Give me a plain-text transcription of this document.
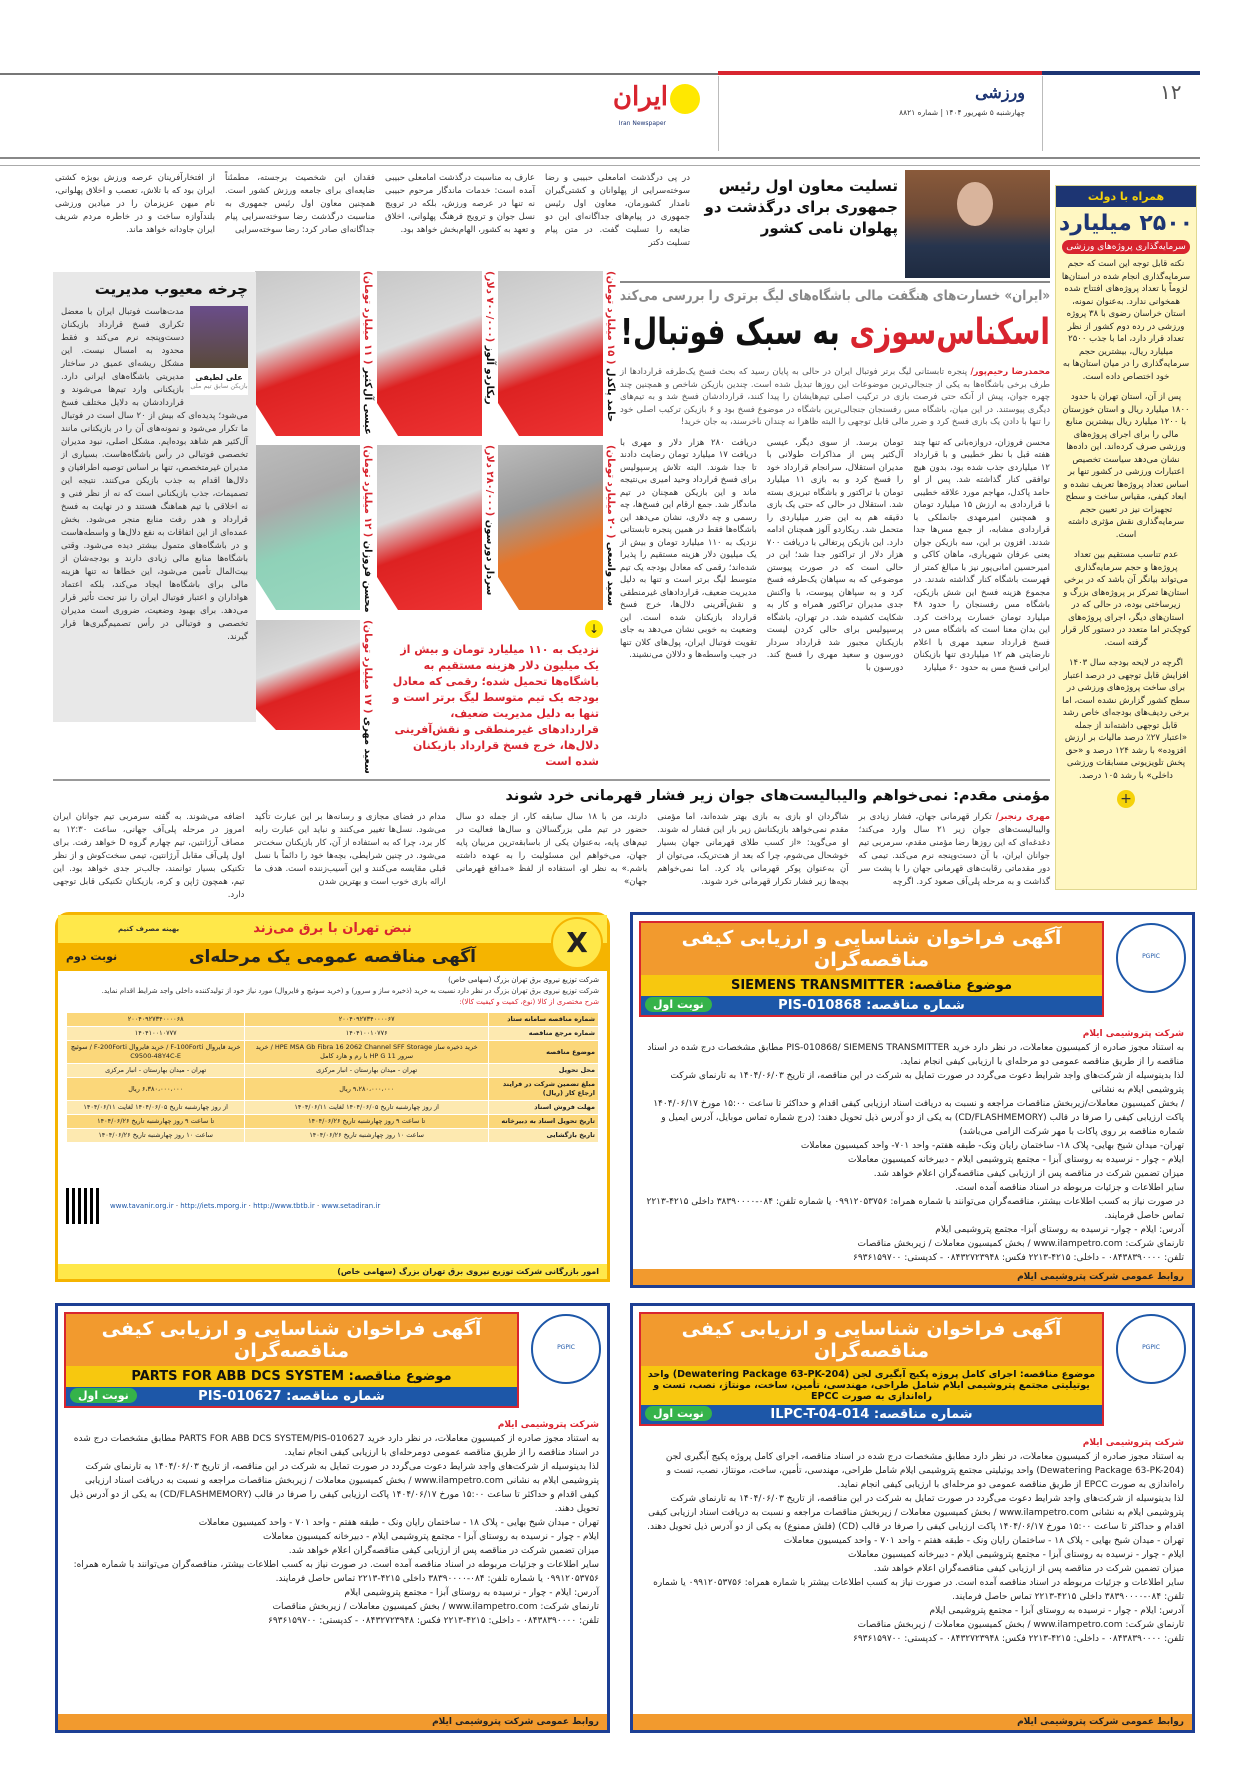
۱۲
ورزشی
چهارشنبه ۵ شهریور ۱۴۰۴ | شماره ۸۸۲۱
ایران
Iran Newspaper
همراه با دولت
۲۵۰۰ میلیارد
سرمایه‌گذاری پروژه‌های ورزشی
نکته قابل توجه این است که حجم سرمایه‌گذاری انجام شده در استان‌ها لزوماً با تعداد پروژه‌های افتتاح شده همخوانی ندارد. به‌عنوان نمونه، استان خراسان رضوی با ۳۸ پروژه ورزشی در رده دوم کشور از نظر تعداد قرار دارد، اما با جذب ۲۵۰۰ میلیارد ریال، بیشترین حجم سرمایه‌گذاری را در میان استان‌ها به خود اختصاص داده است.
پس از آن، استان تهران با حدود ۱۸۰۰ میلیارد ریال و استان خوزستان با ۱۲۰۰ میلیارد ریال بیشترین منابع مالی را برای اجرای پروژه‌های ورزشی صرف کرده‌اند. این داده‌ها نشان می‌دهد سیاست تخصیص اعتبارات ورزشی در کشور تنها بر اساس تعداد پروژه‌ها تعریف نشده و ابعاد کیفی، مقیاس ساخت و سطح تجهیزات نیز در تعیین حجم سرمایه‌گذاری نقش مؤثری داشته است.
عدم تناسب مستقیم بین تعداد پروژه‌ها و حجم سرمایه‌گذاری می‌تواند بیانگر آن باشد که در برخی استان‌ها تمرکز بر پروژه‌های بزرگ و زیرساختی بوده، در حالی که در استان‌های دیگر، اجرای پروژه‌های کوچک‌تر اما متعدد در دستور کار قرار گرفته است.
اگرچه در لایحه بودجه سال ۱۴۰۳ افزایش قابل توجهی در درصد اعتبار برای ساخت پروژه‌های ورزشی در سطح کشور گزارش نشده است، اما برخی ردیف‌های بودجه‌ای خاص رشد قابل توجهی داشته‌اند از جمله «اعتبار ۲۷٪ درصد مالیات بر ارزش افزوده» با رشد ۱۲۴ درصد و «حق پخش تلویزیونی مسابقات ورزشی داخلی» با رشد ۱۰۵ درصد.
+
تسلیت معاون اول رئیس جمهوری برای درگذشت دو پهلوان نامی کشور
در پی درگذشت امامعلی حبیبی و رضا سوخته‌سرایی از پهلوانان و کشتی‌گیران نامدار کشورمان، معاون اول رئیس جمهوری در پیام‌های جداگانه‌ای این دو ضایعه را تسلیت گفت. در متن پیام تسلیت دکتر
عارف به مناسبت درگذشت امامعلی حبیبی آمده است: خدمات ماندگار مرحوم حبیبی نه تنها در عرصه ورزش، بلکه در ترویج نسل جوان و ترویج فرهنگ پهلوانی، اخلاق و تعهد به کشور، الهام‌بخش خواهد بود.
فقدان این شخصیت برجسته، مطمئناً ضایعه‌ای برای جامعه ورزش کشور است. همچنین معاون اول رئیس جمهوری به مناسبت درگذشت رضا سوخته‌سرایی پیام جداگانه‌ای صادر کرد: رضا سوخته‌سرایی
از افتخارآفرینان عرصه ورزش بویژه کشتی ایران بود که با تلاش، تعصب و اخلاق پهلوانی، نام میهن عزیزمان را در میادین ورزشی بلندآوازه ساخت و در خاطره مردم شریف ایران جاودانه خواهد ماند.
«ایران» خسارت‌های هنگفت مالی باشگاه‌های لیگ برتری را بررسی می‌کند
اسکناس‌سوزی به سبک فوتبال!
محمدرضا رحیم‌پور/ پنجره تابستانی لیگ برتر فوتبال ایران در حالی به پایان رسید که بحث فسخ یک‌طرفه قراردادها از طرف برخی باشگاه‌ها به یکی از جنجالی‌ترین موضوعات این روزها تبدیل شده است. چندین بازیکن شاخص و همچنین چند چهره جوان، پیش از آنکه حتی فرصت بازی در ترکیب اصلی تیم‌هایشان را پیدا کنند، قراردادشان فسخ شد و به تیم‌های دیگری پیوستند. در این میان، باشگاه مس رفسنجان جنجالی‌ترین باشگاه در موضوع فسخ بود و ۶ بازیکن ترکیب اصلی خود را تنها با دادن یک بازی فسخ کرد و ضرر مالی قابل توجهی را البته ظاهرا نه چندان ناخرسند، به جان خرید!
محسن فروزان، دروازه‌بانی که تنها چند هفته قبل با نظر خطیبی و با قرارداد ۱۲ میلیاردی جذب شده بود، بدون هیچ توافقی کنار گذاشته شد. پس از او حامد پاکدل، مهاجم مورد علاقه خطیبی با قراردادی به ارزش ۱۵ میلیارد تومان و همچنین امیرمهدی جانملکی با قراردادی مشابه، از جمع مس‌ها جدا شدند. افزون بر این، سه بازیکن جوان یعنی عرفان شهریاری، ماهان کاکی و امیرحسین امانی‌پور نیز با مبالغ کمتر از فهرست باشگاه کنار گذاشته شدند. در مجموع هزینه فسخ این شش بازیکن، باشگاه مس رفسنجان را حدود ۴۸ میلیارد تومان خسارت پرداخت کرد. این بدان معنا است که باشگاه مس در فسخ قرارداد سعید مهری با اعلام نارضایتی هم ۱۲ میلیاردی تنها بازیکنان ایرانی فسخ مس به حدود ۶۰ میلیارد
تومان برسد. از سوی دیگر، عیسی آل‌کثیر پس از مذاکرات طولانی با مدیران استقلال، سرانجام قرارداد خود را فسخ کرد و به بازی ۱۱ میلیارد تومان با تراکتور و باشگاه تبریزی بسته شد. استقلال در حالی که حتی یک بازی دقیقه هم به این ضرر میلیاردی را متحمل شد. ریکاردو آلوز همچنان ادامه دارد. این بازیکن پرتغالی با دریافت ۷۰۰ هزار دلار از تراکتور جدا شد؛ این در حالی است که در صورت پیوستن موضوعی که به سپاهان یک‌طرفه فسخ کرد و به سپاهان پیوست، با واکنش جدی مدیران تراکتور همراه و کار به شکایت کشیده شد. در تهران، باشگاه پرسپولیس برای حالی کردن لیست بازیکنان مجبور شد قرارداد سردار دورسون و سعید مهری را فسخ کند. دورسون با
دریافت ۲۸۰ هزار دلار و مهری با دریافت ۱۷ میلیارد تومان رضایت دادند تا جدا شوند. البته تلاش پرسپولیس برای فسخ قرارداد وحید امیری بی‌نتیجه ماند و این بازیکن همچنان در تیم ماندگار شد. جمع ارقام این فسخ‌ها، چه رسمی و چه دلاری، نشان می‌دهد این باشگاه‌ها فقط در همین پنجره تابستانی نزدیک به ۱۱۰ میلیارد تومان و بیش از یک میلیون دلار هزینه مستقیم را پذیرا شده‌اند؛ رقمی که معادل بودجه یک تیم متوسط لیگ برتر است و تنها به دلیل مدیریت ضعیف، قراردادهای غیرمنطقی و نقش‌آفرینی دلال‌ها، خرج فسخ قرارداد بازیکنان شده است. این وضعیت به خوبی نشان می‌دهد به جای تقویت فوتبال ایران، پول‌های کلان تنها در جیب واسطه‌ها و دلالان می‌نشیند.
حامد پاکدل ( ۱۵ میلیارد تومان)
ریکاردو آلوز (۷۰۰/۰۰۰ دلار)
عیسی آل‌کثیر ( ۱۱ میلیارد تومان)
سعید واسعی ( ۲۰ میلیارد تومان)
سردار دورسون (۲۸۰/۰۰۰ دلار)
محسن فروزان ( ۱۲ میلیارد تومان)
سعید مهری ( ۱۷ میلیارد تومان)
↓
نزدیک به ۱۱۰ میلیارد تومان و بیش از یک میلیون دلار هزینه مستقیم به باشگاه‌ها تحمیل شده؛ رقمی که معادل بودجه یک تیم متوسط لیگ برتر است و تنها به دلیل مدیریت ضعیف، قراردادهای غیرمنطقی و نقش‌آفرینی دلال‌ها، خرج فسخ قرارداد بازیکنان شده است
چرخه معیوب مدیریت
علی لطیفی
بازیکن سابق تیم ملی
مدت‌هاست فوتبال ایران با معضل تکراری فسخ قرارداد بازیکنان دست‌وپنجه نرم می‌کند و فقط محدود به امسال نیست. این مشکل ریشه‌ای عمیق در ساختار مدیریتی باشگاه‌های ایرانی دارد. بازیکنانی وارد تیم‌ها می‌شوند و قراردادشان به دلایل مختلف فسخ می‌شود؛ پدیده‌ای که بیش از ۲۰ سال است در فوتبال ما تکرار می‌شود و نمونه‌های آن را در بازیکنانی مانند آل‌کثیر هم شاهد بوده‌ایم. مشکل اصلی، نبود مدیران تخصصی فوتبالی در رأس باشگاه‌هاست. بسیاری از مدیران غیرمتخصص، تنها بر اساس توصیه اطرافیان و دلال‌ها اقدام به جذب بازیکن می‌کنند. نتیجه این تصمیمات، جذب بازیکنانی است که نه از نظر فنی و نه اخلاقی با تیم هماهنگ هستند و در نهایت به فسخ قرارداد و هدر رفت منابع منجر می‌شود. بخش عمده‌ای از این اتفاقات به نفع دلال‌ها و واسطه‌هاست و در باشگاه‌های متمول بیشتر دیده می‌شود. وقتی باشگاه‌ها منابع مالی زیادی دارند و بودجه‌شان از بیت‌المال تأمین می‌شود، این خطاها نه تنها هزینه مالی برای باشگاه‌ها ایجاد می‌کند، بلکه اعتماد هواداران و اعتبار فوتبال ایران را نیز تحت تأثیر قرار می‌دهد. برای بهبود وضعیت، ضروری است مدیران تخصصی و فوتبالی در رأس تصمیم‌گیری‌ها قرار گیرند.
مؤمنی مقدم: نمی‌خواهم والیبالیست‌های جوان زیر فشار قهرمانی خرد شوند
مهری رنجبر/ تکرار قهرمانی جهان، فشار زیادی بر والیبالیست‌های جوان زیر ۲۱ سال وارد می‌کند؛ دغدغه‌ای که این روزها رضا مؤمنی مقدم، سرمربی تیم جوانان ایران، با آن دست‌وپنجه نرم می‌کند. تیمی که دور مقدماتی رقابت‌های قهرمانی جهان را با پشت سر گذاشت و به مرحله پلی‌آف صعود کرد. اگرچه
شاگردان او بازی به بازی بهتر شده‌اند، اما مؤمنی مقدم نمی‌خواهد بازیکنانش زیر بار این فشار له شوند. او می‌گوید: «از کسب طلای قهرمانی جهان بسیار خوشحال می‌شوم، چرا که بعد از هت‌تریک، می‌توان از آن به‌عنوان پوکر قهرمانی یاد کرد. اما نمی‌خواهم بچه‌ها زیر فشار تکرار قهرمانی خرد شوند.
دارند، من با ۱۸ سال سابقه کار، از جمله دو سال حضور در تیم ملی بزرگسالان و سال‌ها فعالیت در تیم‌های پایه، به‌عنوان یکی از باسابقه‌ترین مربیان پایه جهان، می‌خواهم این مسئولیت را به عهده داشته باشم.» به نظر او، استفاده از لفظ «مدافع قهرمانی جهان»
مدام در فضای مجازی و رسانه‌ها بر این عبارت تأکید می‌شود. نسل‌ها تغییر می‌کنند و نباید این عبارت رابه کار برد، چرا که به استفاده از آن، کار بازیکنان سخت‌تر می‌شود. در چنین شرایطی، بچه‌ها خود را دائماً با نسل قبلی مقایسه می‌کنند و این آسیب‌زننده است. هدف ما ارائه بازی خوب است و بهترین شدن
اضافه می‌شوند. به گفته سرمربی تیم جوانان ایران امروز در مرحله پلی‌آف جهانی، ساعت ۱۲:۳۰ به مصاف آرژانتین، تیم چهارم گروه D خواهد رفت. برای اول پلی‌آف مقابل آرژانتین، تیمی سخت‌کوش و از نظر تکنیکی بسیار توانمند، جالب‌تر جدی خواهد بود. این تیم، همچون ژاپن و کره، بازیکنان تکنیکی قابل توجهی دارد.
نبض تهران با برق می‌زند
بهینه مصرف کنیم
آگهی مناقصه عمومی یک مرحله‌ای
نوبت دوم	X
شرکت توزیع نیروی برق تهران بزرگ (سهامی خاص)
شرکت توزیع نیروی برق تهران بزرگ در نظر دارد نسبت به خرید (ذخیره ساز و سرور) و (خرید سوئیچ و فایروال) مورد نیاز خود از تولیدکننده داخلی واجد شرایط اقدام نماید.
شرح مختصری از کالا (نوع، کمیت و کیفیت کالا):
شماره مناقصه سامانه ستاد	۲۰۰۴۰۹۲۷۳۴۰۰۰۰۶۷	۲۰۰۴۰۹۲۷۳۴۰۰۰۰۶۸
شماره مرجع مناقصه	۱۴۰۴۱۰۰۱۰۷۷۶	۱۴۰۴۱۰۰۱۰۷۷۷
موضوع مناقصه	خرید ذخیره ساز HPE MSA Gb Fibra 16 2062 Channel SFF Storage / خرید سرور HP G 11 با رم و هارد کامل	خرید فایروال F-100Forti / خرید فایروال F-200Forti / سوئیچ C9500-48Y4C-E
محل تحویل	تهران - میدان بهارستان - انبار مرکزی	تهران - میدان بهارستان - انبار مرکزی
مبلغ تضمین شرکت در فرایند ارجاع کار (ریال)	۹،۲۸۰،۰۰۰،۰۰۰ ریال	۶،۳۸۰،۰۰۰،۰۰۰ ریال
مهلت فروش اسناد	از روز چهارشنبه تاریخ ۱۴۰۴/۰۶/۰۵ لغایت ۱۴۰۴/۰۶/۱۱	از روز چهارشنبه تاریخ ۱۴۰۴/۰۶/۰۵ لغایت ۱۴۰۴/۰۶/۱۱
تاریخ تحویل اسناد به دبیرخانه	تا ساعت ۹ روز چهارشنبه تاریخ ۱۴۰۴/۰۶/۲۶	تا ساعت ۹ روز چهارشنبه تاریخ ۱۴۰۴/۰۶/۲۶
تاریخ بازگشایی	ساعت ۱۰ روز چهارشنبه تاریخ ۱۴۰۴/۰۶/۲۶	ساعت ۱۰ روز چهارشنبه تاریخ ۱۴۰۴/۰۶/۲۶
www.tavanir.org.ir · http://iets.mporg.ir · http://www.tbtb.ir · www.setadiran.ir
امور بازرگانی شرکت توزیع نیروی برق تهران بزرگ (سهامی خاص)
PGPIC
آگهی فراخوان شناسایی و ارزیابی کیفی مناقصه‌گران
موضوع مناقصه: SIEMENS TRANSMITTER
شماره مناقصه: PIS-010868
نوبت اول
شرکت پتروشیمی ایلام
به استناد مجوز صادره از کمیسیون معاملات، در نظر دارد خرید PIS-010868/ SIEMENS TRANSMITTER مطابق مشخصات درج شده در اسناد مناقصه را از طریق مناقصه عمومی دو مرحله‌ای با ارزیابی کیفی انجام نماید.
لذا بدینوسیله از شرکت‌های واجد شرایط دعوت می‌گردد در صورت تمایل به شرکت در این مناقصه، از تاریخ ۱۴۰۴/۰۶/۰۳ به تارنمای شرکت پتروشیمی ایلام به نشانی
/ بخش کمیسیون معاملات/زیربخش مناقصات مراجعه و نسبت به دریافت اسناد ارزیابی کیفی اقدام و حداکثر تا ساعت ۱۵:۰۰ مورخ ۱۴۰۴/۰۶/۱۷ پاکت ارزیابی کیفی را صرفا در قالب (CD/FLASHMEMORY) به یکی از دو آدرس ذیل تحویل دهند: (درج شماره تماس موبایل، آدرس ایمیل و شماره مناقصه بر روی پاکات با مهر شرکت الزامی می‌باشد)
تهران- میدان شیخ بهایی- پلاک ۱۸- ساختمان رایان ونک- طبقه هفتم- واحد ۷۰۱- واحد کمیسیون معاملات
ایلام - چوار - نرسیده به روستای آبزا - مجتمع پتروشیمی ایلام - دبیرخانه کمیسیون معاملات
میزان تضمین شرکت در مناقصه پس از ارزیابی کیفی مناقصه‌گران اعلام خواهد شد.
سایر اطلاعات و جزئیات مربوطه در اسناد مناقصه آمده است.
در صورت نیاز به کسب اطلاعات بیشتر، مناقصه‌گران می‌توانند با شماره همراه: ۰۹۹۱۲۰۵۳۷۵۶ یا شماره تلفن: ۰۸۴-۳۸۳۹۰۰۰۰ داخلی ۴۲۱۵-۲۲۱۳ تماس حاصل فرمایند.
آدرس: ایلام - چوار- نرسیده به روستای آبزا- مجتمع پتروشیمی ایلام
تارنمای شرکت: www.ilampetro.com / بخش کمیسیون معاملات / زیربخش مناقصات
تلفن: ۰۸۴۳۸۳۹۰۰۰۰ - داخلی: ۴۲۱۵-۲۲۱۳ فکس: ۰۸۴۳۲۷۲۳۹۴۸ - کدپستی: ۶۹۳۶۱۵۹۷۰۰
روابط عمومی شرکت پتروشیمی ایلام
PGPIC
آگهی فراخوان شناسایی و ارزیابی کیفی مناقصه‌گران
موضوع مناقصه: PARTS FOR ABB DCS SYSTEM
شماره مناقصه: PIS-010627
نوبت اول
شرکت پتروشیمی ایلام
به استناد مجوز صادره از کمیسیون معاملات، در نظر دارد خرید PARTS FOR ABB DCS SYSTEM/PIS-010627 مطابق مشخصات درج شده در اسناد مناقصه را از طریق مناقصه عمومی دومرحله‌ای با ارزیابی کیفی انجام نماید.
لذا بدینوسیله از شرکت‌های واجد شرایط دعوت می‌گردد در صورت تمایل به شرکت در این مناقصه، از تاریخ ۱۴۰۴/۰۶/۰۳ به تارنمای شرکت پتروشیمی ایلام به نشانی www.ilampetro.com / بخش کمیسیون معاملات / زیربخش مناقصات مراجعه و نسبت به دریافت اسناد ارزیابی کیفی اقدام و حداکثر تا ساعت ۱۵:۰۰ مورخ ۱۴۰۴/۰۶/۱۷ پاکت ارزیابی کیفی را صرفا در قالب (CD/FLASHMEMORY) به یکی از دو آدرس ذیل تحویل دهند.
تهران - میدان شیخ بهایی - پلاک ۱۸ - ساختمان رایان ونک - طبقه هفتم - واحد ۷۰۱ - واحد کمیسیون معاملات
ایلام - چوار - نرسیده به روستای آبزا - مجتمع پتروشیمی ایلام - دبیرخانه کمیسیون معاملات
میزان تضمین شرکت در مناقصه پس از ارزیابی کیفی مناقصه‌گران اعلام خواهد شد.
سایر اطلاعات و جزئیات مربوطه در اسناد مناقصه آمده است. در صورت نیاز به کسب اطلاعات بیشتر، مناقصه‌گران می‌توانند با شماره همراه: ۰۹۹۱۲۰۵۳۷۵۶ یا شماره تلفن: ۰۸۴-۳۸۳۹۰۰۰۰ داخلی ۴۲۱۵-۲۲۱۳ تماس حاصل فرمایند.
آدرس: ایلام - چوار - نرسیده به روستای آبزا - مجتمع پتروشیمی ایلام
تارنمای شرکت: www.ilampetro.com / بخش کمیسیون معاملات / زیربخش مناقصات
تلفن: ۰۸۴۳۸۳۹۰۰۰۰ - داخلی: ۴۲۱۵-۲۲۱۳ فکس: ۰۸۴۳۲۷۲۳۹۴۸ - کدپستی: ۶۹۳۶۱۵۹۷۰۰
روابط عمومی شرکت پتروشیمی ایلام
PGPIC
آگهی فراخوان شناسایی و ارزیابی کیفی مناقصه‌گران
موضوع مناقصه: اجرای کامل پروژه پکیج آبگیری لجن (Dewatering Package 63-PK-204) واحد یوتیلیتی مجتمع پتروشیمی ایلام شامل طراحی، مهندسی، تأمین، ساخت، مونتاژ، نصب، تست و راه‌اندازی به صورت EPCC
شماره مناقصه: ILPC-T-04-014
نوبت اول
شرکت پتروشیمی ایلام
به استناد مجوز صادره از کمیسیون معاملات، در نظر دارد مطابق مشخصات درج شده در اسناد مناقصه، اجرای کامل پروژه پکیج آبگیری لجن (Dewatering Package 63-PK-204) واحد یوتیلیتی مجتمع پتروشیمی ایلام شامل طراحی، مهندسی، تأمین، ساخت، مونتاژ، نصب، تست و راه‌اندازی به صورت EPCC از طریق مناقصه عمومی دو مرحله‌ای با ارزیابی کیفی انجام نماید.
لذا بدینوسیله از شرکت‌های واجد شرایط دعوت می‌گردد در صورت تمایل به شرکت در این مناقصه، از تاریخ ۱۴۰۴/۰۶/۰۳ به تارنمای شرکت پتروشیمی ایلام به نشانی www.ilampetro.com / بخش کمیسیون معاملات / زیربخش مناقصات مراجعه و نسبت به دریافت اسناد ارزیابی کیفی اقدام و حداکثر تا ساعت ۱۵:۰۰ مورخ ۱۴۰۴/۰۶/۱۷ پاکت ارزیابی کیفی را صرفا در قالب (CD) (فلش ممنوع) به یکی از دو آدرس ذیل تحویل دهند.
تهران - میدان شیخ بهایی - پلاک ۱۸ - ساختمان رایان ونک - طبقه هفتم - واحد ۷۰۱ - واحد کمیسیون معاملات
ایلام - چوار - نرسیده به روستای آبزا - مجتمع پتروشیمی ایلام - دبیرخانه کمیسیون معاملات
میزان تضمین شرکت در مناقصه پس از ارزیابی کیفی مناقصه‌گران اعلام خواهد شد.
سایر اطلاعات و جزئیات مربوطه در اسناد مناقصه آمده است. در صورت نیاز به کسب اطلاعات بیشتر با شماره همراه: ۰۹۹۱۲۰۵۳۷۵۶ یا شماره تلفن: ۰۸۴-۳۸۳۹۰۰۰۰ داخلی ۴۲۱۵-۲۲۱۳ تماس حاصل فرمایند.
آدرس: ایلام - چوار - نرسیده به روستای آبزا - مجتمع پتروشیمی ایلام
تارنمای شرکت: www.ilampetro.com / بخش کمیسیون معاملات / زیربخش مناقصات
تلفن: ۰۸۴۳۸۳۹۰۰۰۰ - داخلی: ۴۲۱۵-۲۲۱۳ فکس: ۰۸۴۳۲۷۲۳۹۴۸ - کدپستی: ۶۹۳۶۱۵۹۷۰۰
روابط عمومی شرکت پتروشیمی ایلام
